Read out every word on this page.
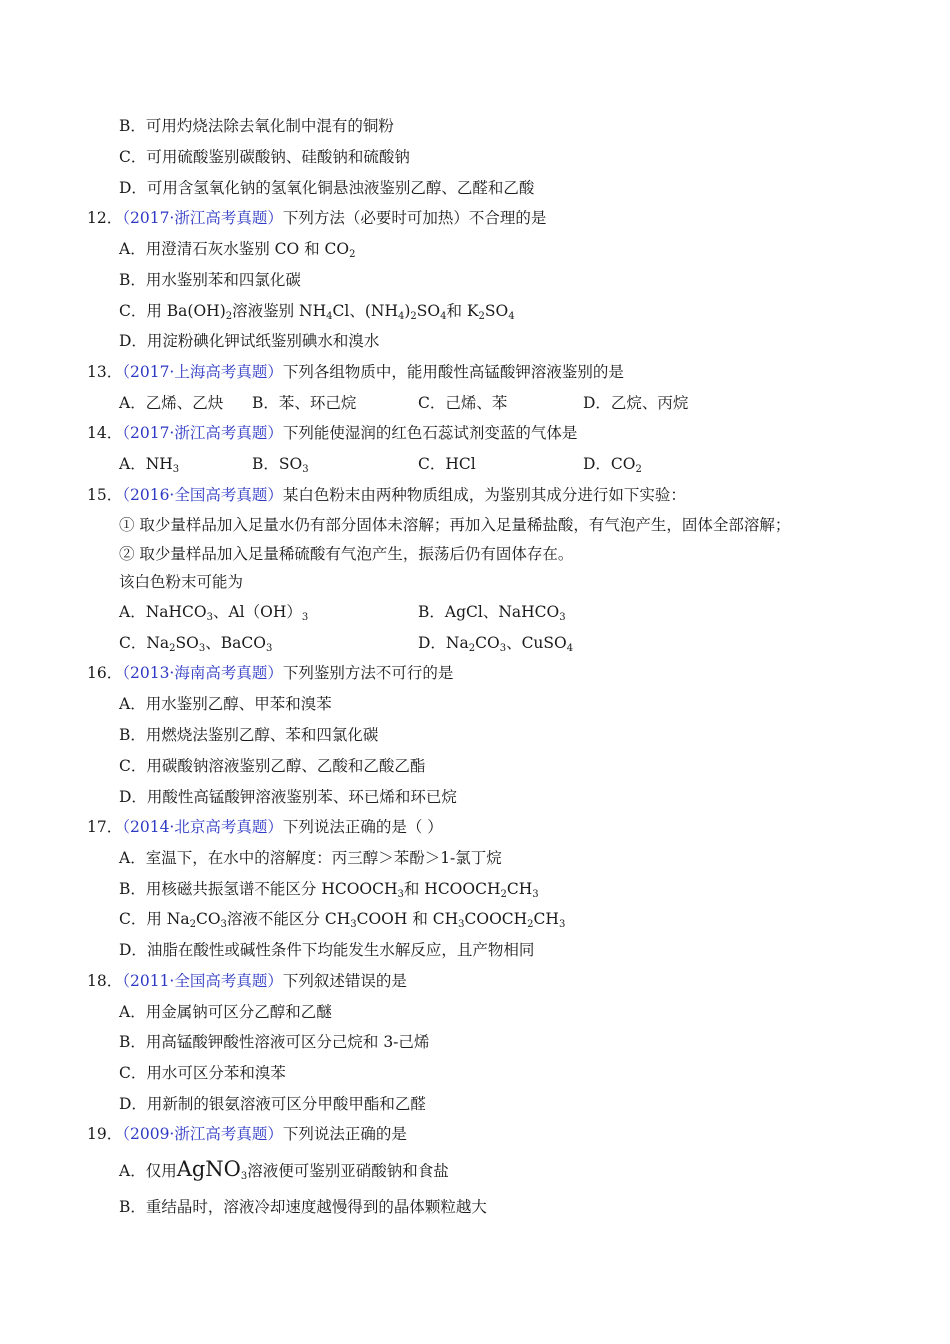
B．可用灼烧法除去氧化制中混有的铜粉
C．可用硫酸鉴别碳酸钠、硅酸钠和硫酸钠
D．可用含氢氧化钠的氢氧化铜悬浊液鉴别乙醇、乙醛和乙酸
12．（2017·浙江高考真题）下列方法（必要时可加热）不合理的是
A．用澄清石灰水鉴别 CO 和 $CO_2$
B．用水鉴别苯和四氯化碳
C．用 $Ba(OH)_2$溶液鉴别 $NH_4Cl$、$(NH_4)_2SO_4$和 $K_2SO_4$
D．用淀粉碘化钾试纸鉴别碘水和溴水
13．（2017·上海高考真题）下列各组物质中，能用酸性高锰酸钾溶液鉴别的是
A．乙烯、乙炔 B．苯、环己烷	C．己烯、苯	D．乙烷、丙烷
14．（2017·浙江高考真题）下列能使湿润的红色石蕊试剂变蓝的气体是
A．$NH_3$	B．$SO_3$	C．HCl	D．$CO_2$
15．（2016·全国高考真题）某白色粉末由两种物质组成，为鉴别其成分进行如下实验：
① 取少量样品加入足量水仍有部分固体未溶解；再加入足量稀盐酸，有气泡产生，固体全部溶解；
② 取少量样品加入足量稀硫酸有气泡产生，振荡后仍有固体存在。
该白色粉末可能为
A．NaHCO$_3$、$Al(OH)_3$	B．AgCl、NaHCO$_3$
C．$Na_2SO_3$、BaCO$_3$	D．$Na_2CO_3$、CuSO$_4$
16．（2013·海南高考真题）下列鉴别方法不可行的是
A．用水鉴别乙醇、甲苯和溴苯
B．用燃烧法鉴别乙醇、苯和四氯化碳
C．用碳酸钠溶液鉴别乙醇、乙酸和乙酸乙酯
D．用酸性高锰酸钾溶液鉴别苯、环已烯和环已烷
17．（2014·北京高考真题）下列说法正确的是（ ）
A．室温下，在水中的溶解度：丙三醇＞苯酚＞1-氯丁烷
B．用核磁共振氢谱不能区分 $HCOOCH_3$和 $HCOOCH_2CH_3$
C．用 $Na_2CO_3$溶液不能区分 $CH_3COOH$ 和 $CH_3COOCH_2CH_3$
D．油脂在酸性或碱性条件下均能发生水解反应，且产物相同
18．（2011·全国高考真题）下列叙述错误的是
A．用金属钠可区分乙醇和乙醚
B．用高锰酸钾酸性溶液可区分己烷和 3-己烯
C．用水可区分苯和溴苯
D．用新制的银氨溶液可区分甲酸甲酯和乙醛
19．（2009·浙江高考真题）下列说法正确的是
A．仅用AgNO$_3$溶液便可鉴别亚硝酸钠和食盐
B．重结晶时，溶液冷却速度越慢得到的晶体颗粒越大
